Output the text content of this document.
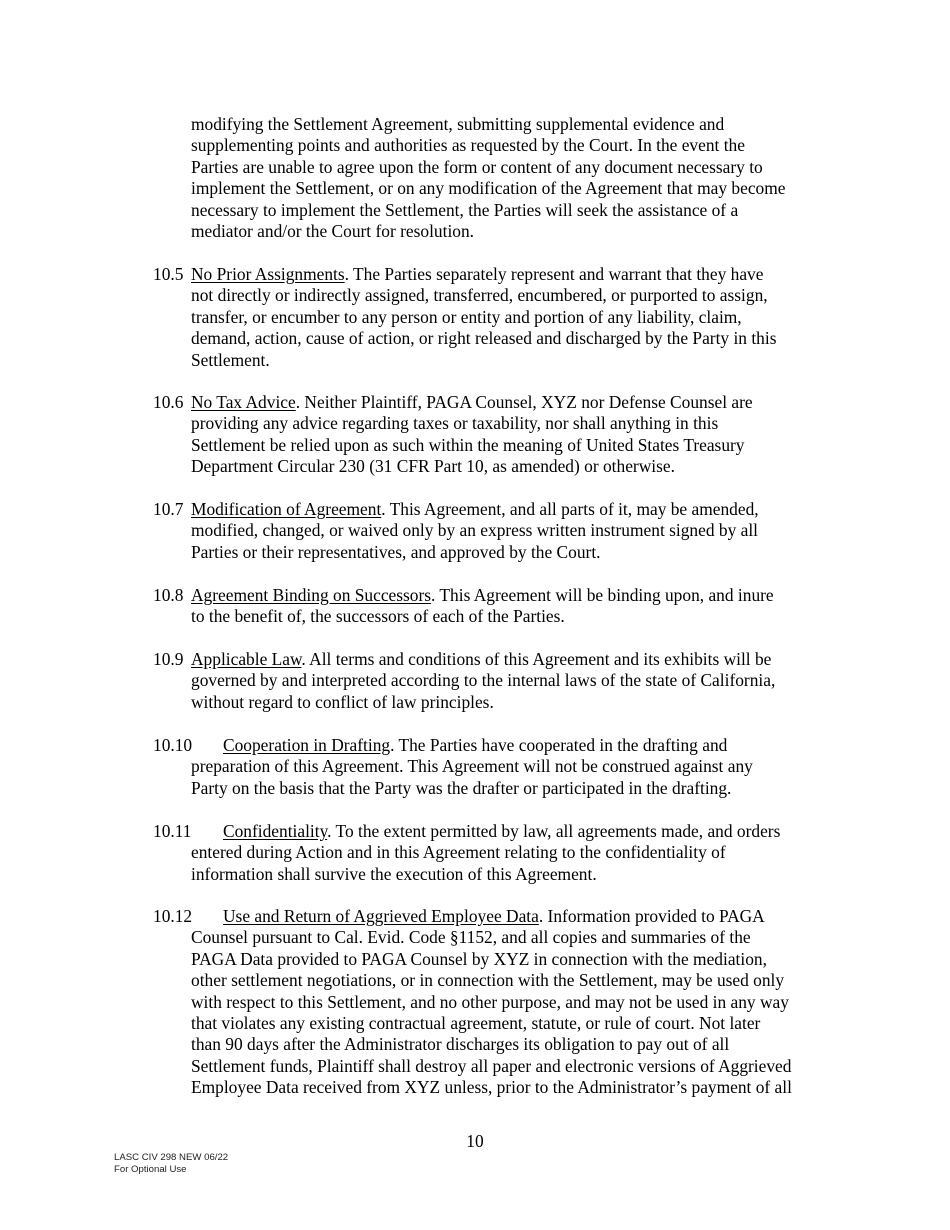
modifying the Settlement Agreement, submitting supplemental evidence and
supplementing points and authorities as requested by the Court. In the event the
Parties are unable to agree upon the form or content of any document necessary to
implement the Settlement, or on any modification of the Agreement that may become
necessary to implement the Settlement, the Parties will seek the assistance of a
mediator and/or the Court for resolution.
10.5 No Prior Assignments. The Parties separately represent and warrant that they have
not directly or indirectly assigned, transferred, encumbered, or purported to assign,
transfer, or encumber to any person or entity and portion of any liability, claim,
demand, action, cause of action, or right released and discharged by the Party in this
Settlement.
10.6 No Tax Advice. Neither Plaintiff, PAGA Counsel, XYZ nor Defense Counsel are
providing any advice regarding taxes or taxability, nor shall anything in this
Settlement be relied upon as such within the meaning of United States Treasury
Department Circular 230 (31 CFR Part 10, as amended) or otherwise.
10.7 Modification of Agreement. This Agreement, and all parts of it, may be amended,
modified, changed, or waived only by an express written instrument signed by all
Parties or their representatives, and approved by the Court.
10.8 Agreement Binding on Successors. This Agreement will be binding upon, and inure
to the benefit of, the successors of each of the Parties.
10.9 Applicable Law. All terms and conditions of this Agreement and its exhibits will be
governed by and interpreted according to the internal laws of the state of California,
without regard to conflict of law principles.
10.10	Cooperation in Drafting. The Parties have cooperated in the drafting and
preparation of this Agreement. This Agreement will not be construed against any
Party on the basis that the Party was the drafter or participated in the drafting.
10.11	Confidentiality. To the extent permitted by law, all agreements made, and orders
entered during Action and in this Agreement relating to the confidentiality of
information shall survive the execution of this Agreement.
10.12	Use and Return of Aggrieved Employee Data. Information provided to PAGA
Counsel pursuant to Cal. Evid. Code §1152, and all copies and summaries of the
PAGA Data provided to PAGA Counsel by XYZ in connection with the mediation,
other settlement negotiations, or in connection with the Settlement, may be used only
with respect to this Settlement, and no other purpose, and may not be used in any way
that violates any existing contractual agreement, statute, or rule of court. Not later
than 90 days after the Administrator discharges its obligation to pay out of all
Settlement funds, Plaintiff shall destroy all paper and electronic versions of Aggrieved
Employee Data received from XYZ unless, prior to the Administrator’s payment of all
10
LASC CIV 298 NEW 06/22
For Optional Use
